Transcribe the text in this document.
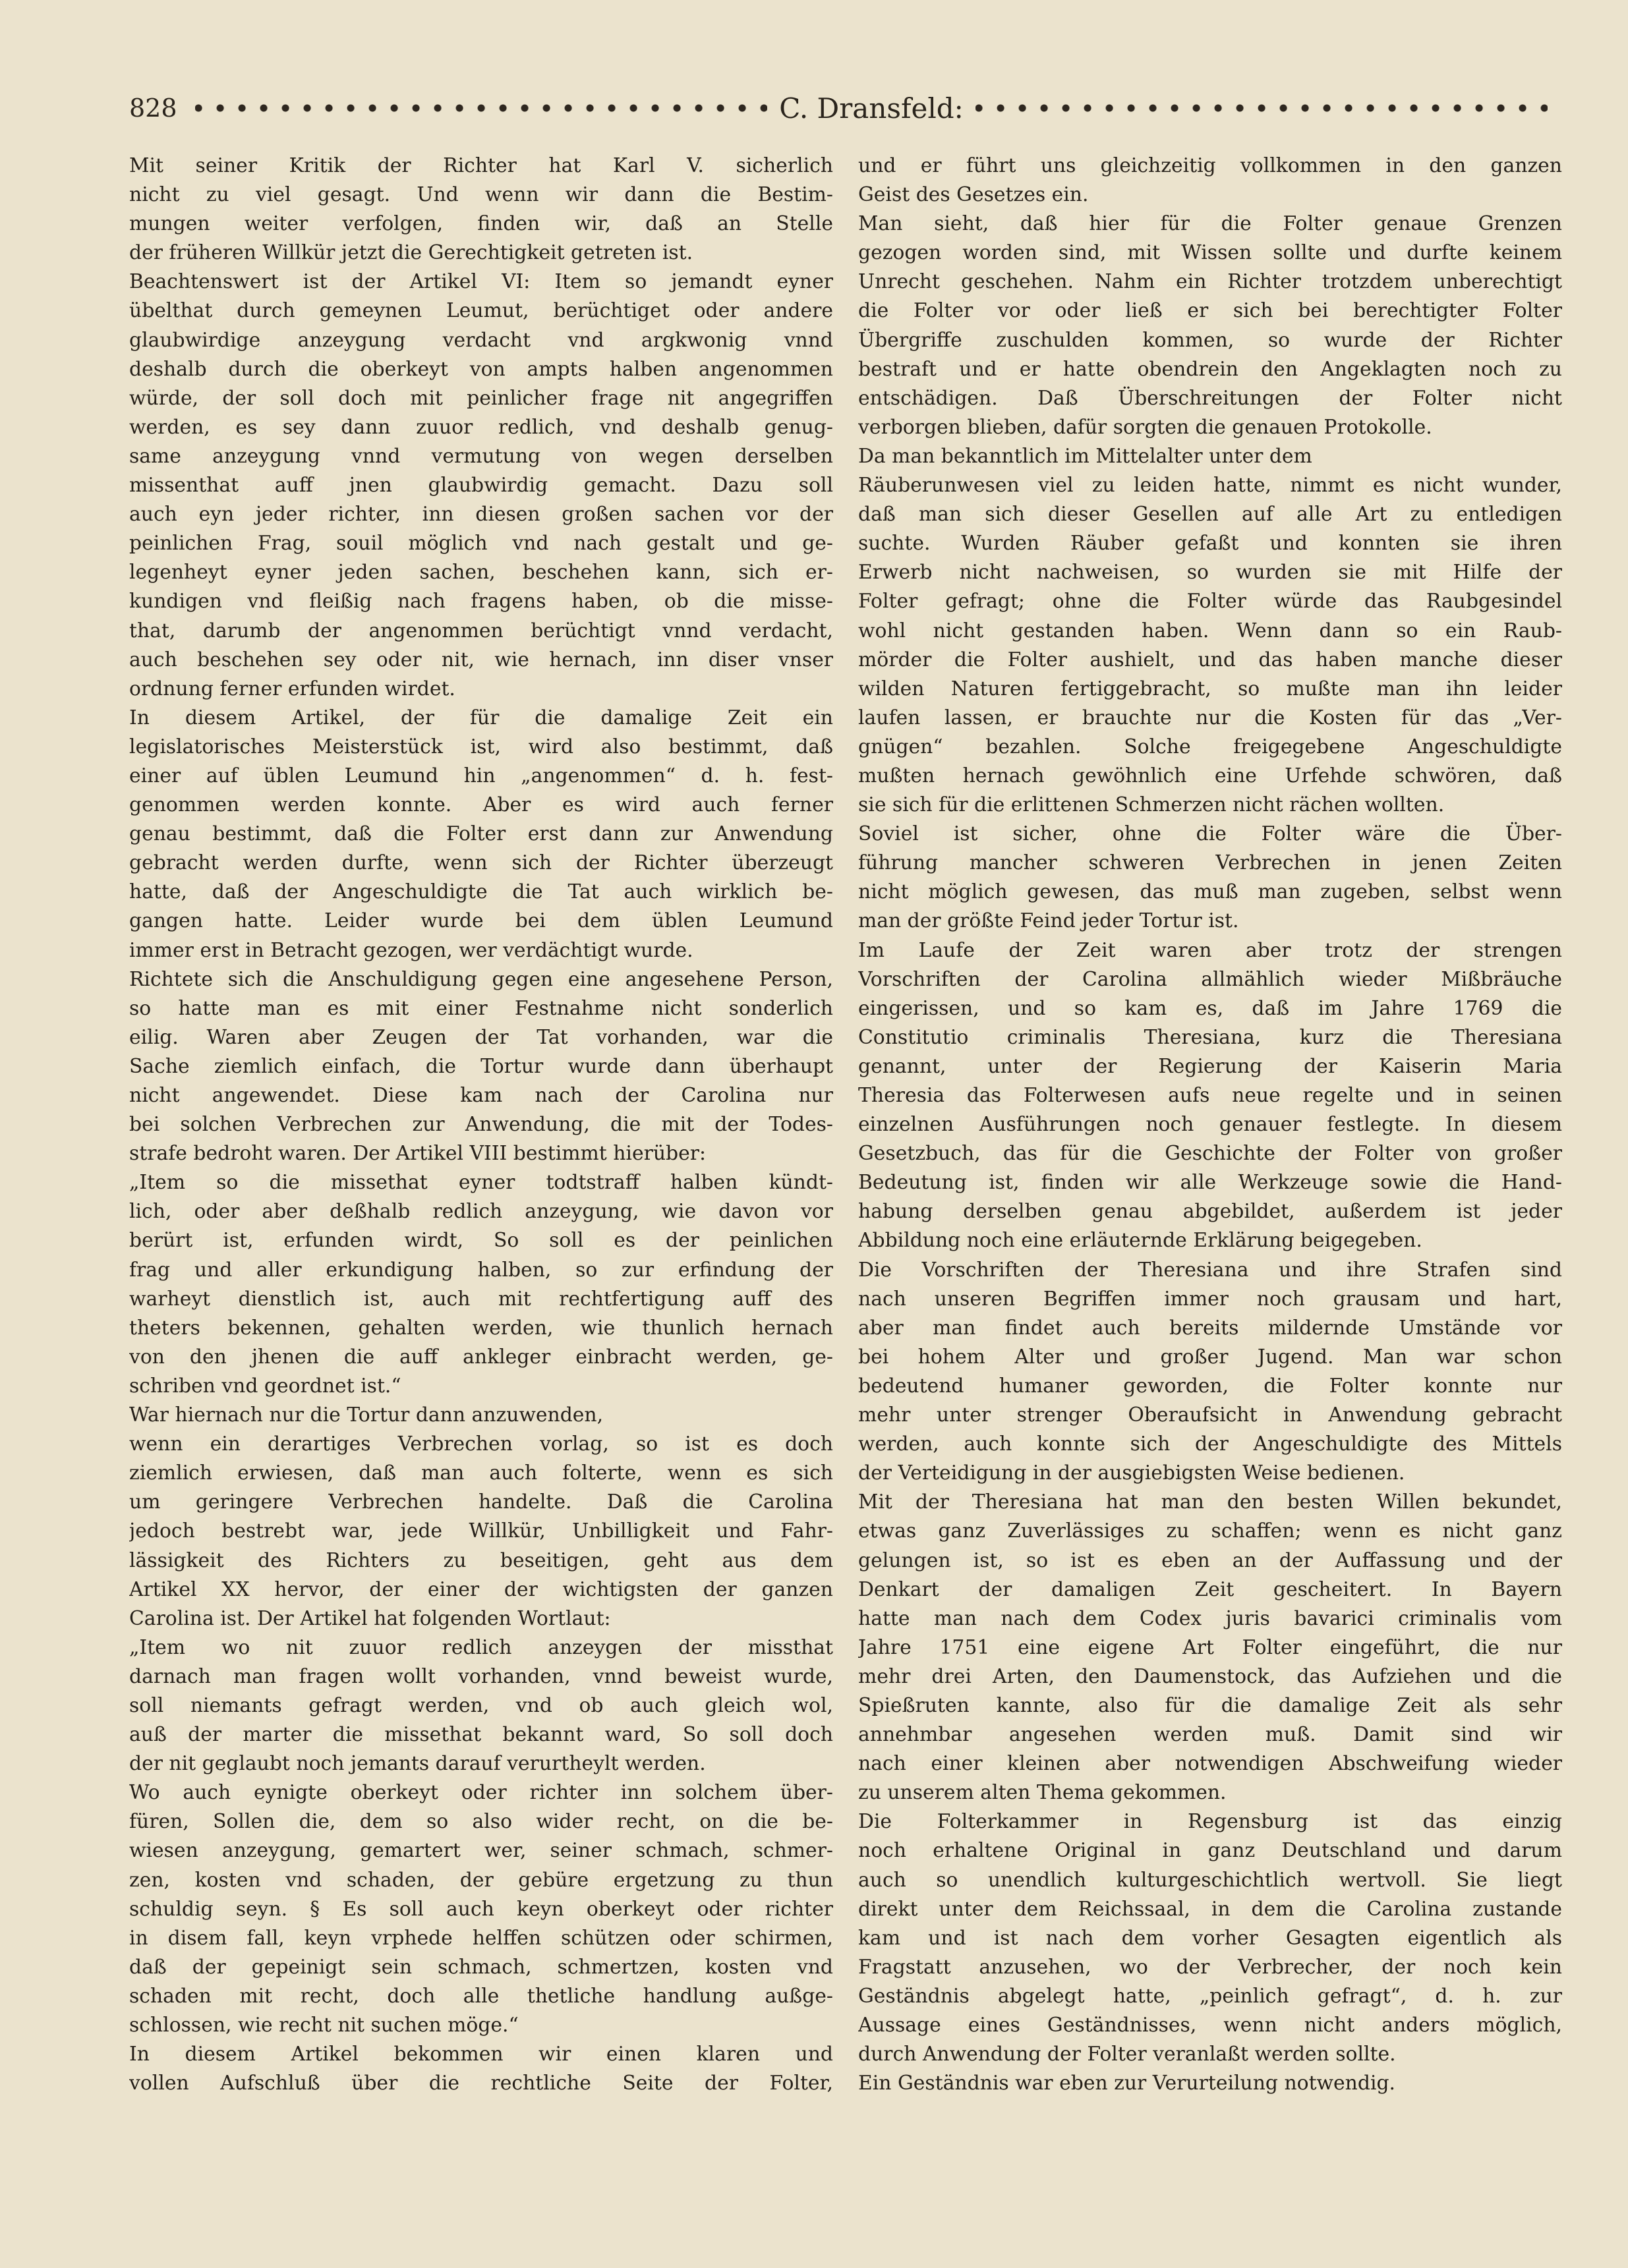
828	C. Dransfeld:

Mit seiner Kritik der Richter hat Karl V. sicherlich

nicht zu viel gesagt. Und wenn wir dann die Bestim-

mungen weiter verfolgen, finden wir, daß an Stelle

der früheren Willkür jetzt die Gerechtigkeit getreten ist.

Beachtenswert ist der Artikel VI: Item so jemandt eyner

übelthat durch gemeynen Leumut, berüchtiget oder andere

glaubwirdige anzeygung verdacht vnd argkwonig vnnd

deshalb durch die oberkeyt von ampts halben angenommen

würde, der soll doch mit peinlicher frage nit angegriffen

werden, es sey dann zuuor redlich, vnd deshalb genug-

same anzeygung vnnd vermutung von wegen derselben

missenthat auff jnen glaubwirdig gemacht. Dazu soll

auch eyn jeder richter, inn diesen großen sachen vor der

peinlichen Frag, souil möglich vnd nach gestalt und ge-

legenheyt eyner jeden sachen, beschehen kann, sich er-

kundigen vnd fleißig nach fragens haben, ob die misse-

that, darumb der angenommen berüchtigt vnnd verdacht,

auch beschehen sey oder nit, wie hernach, inn diser vnser

ordnung ferner erfunden wirdet.

In diesem Artikel, der für die damalige Zeit ein

legislatorisches Meisterstück ist, wird also bestimmt, daß

einer auf üblen Leumund hin „angenommen“ d. h. fest-

genommen werden konnte. Aber es wird auch ferner

genau bestimmt, daß die Folter erst dann zur Anwendung

gebracht werden durfte, wenn sich der Richter überzeugt

hatte, daß der Angeschuldigte die Tat auch wirklich be-

gangen hatte. Leider wurde bei dem üblen Leumund

immer erst in Betracht gezogen, wer verdächtigt wurde.

Richtete sich die Anschuldigung gegen eine angesehene Person,

so hatte man es mit einer Festnahme nicht sonderlich

eilig. Waren aber Zeugen der Tat vorhanden, war die

Sache ziemlich einfach, die Tortur wurde dann überhaupt

nicht angewendet. Diese kam nach der Carolina nur

bei solchen Verbrechen zur Anwendung, die mit der Todes-

strafe bedroht waren. Der Artikel VIII bestimmt hierüber:

„Item so die missethat eyner todtstraff halben kündt-

lich, oder aber deßhalb redlich anzeygung, wie davon vor

berürt ist, erfunden wirdt, So soll es der peinlichen

frag und aller erkundigung halben, so zur erfindung der

warheyt dienstlich ist, auch mit rechtfertigung auff des

theters bekennen, gehalten werden, wie thunlich hernach

von den jhenen die auff ankleger einbracht werden, ge-

schriben vnd geordnet ist.“

War hiernach nur die Tortur dann anzuwenden,

wenn ein derartiges Verbrechen vorlag, so ist es doch

ziemlich erwiesen, daß man auch folterte, wenn es sich

um geringere Verbrechen handelte. Daß die Carolina

jedoch bestrebt war, jede Willkür, Unbilligkeit und Fahr-

lässigkeit des Richters zu beseitigen, geht aus dem

Artikel XX hervor, der einer der wichtigsten der ganzen

Carolina ist. Der Artikel hat folgenden Wortlaut:

„Item wo nit zuuor redlich anzeygen der missthat

darnach man fragen wollt vorhanden, vnnd beweist wurde,

soll niemants gefragt werden, vnd ob auch gleich wol,

auß der marter die missethat bekannt ward, So soll doch

der nit geglaubt noch jemants darauf verurtheylt werden.

Wo auch eynigte oberkeyt oder richter inn solchem über-

füren, Sollen die, dem so also wider recht, on die be-

wiesen anzeygung, gemartert wer, seiner schmach, schmer-

zen, kosten vnd schaden, der gebüre ergetzung zu thun

schuldig seyn. § Es soll auch keyn oberkeyt oder richter

in disem fall, keyn vrphede helffen schützen oder schirmen,

daß der gepeinigt sein schmach, schmertzen, kosten vnd

schaden mit recht, doch alle thetliche handlung außge-

schlossen, wie recht nit suchen möge.“

In diesem Artikel bekommen wir einen klaren und

vollen Aufschluß über die rechtliche Seite der Folter,

und er führt uns gleichzeitig vollkommen in den ganzen

Geist des Gesetzes ein.

Man sieht, daß hier für die Folter genaue Grenzen

gezogen worden sind, mit Wissen sollte und durfte keinem

Unrecht geschehen. Nahm ein Richter trotzdem unberechtigt

die Folter vor oder ließ er sich bei berechtigter Folter

Übergriffe zuschulden kommen, so wurde der Richter

bestraft und er hatte obendrein den Angeklagten noch zu

entschädigen. Daß Überschreitungen der Folter nicht

verborgen blieben, dafür sorgten die genauen Protokolle.

Da man bekanntlich im Mittelalter unter dem

Räuberunwesen viel zu leiden hatte, nimmt es nicht wunder,

daß man sich dieser Gesellen auf alle Art zu entledigen

suchte. Wurden Räuber gefaßt und konnten sie ihren

Erwerb nicht nachweisen, so wurden sie mit Hilfe der

Folter gefragt; ohne die Folter würde das Raubgesindel

wohl nicht gestanden haben. Wenn dann so ein Raub-

mörder die Folter aushielt, und das haben manche dieser

wilden Naturen fertiggebracht, so mußte man ihn leider

laufen lassen, er brauchte nur die Kosten für das „Ver-

gnügen“ bezahlen. Solche freigegebene Angeschuldigte

mußten hernach gewöhnlich eine Urfehde schwören, daß

sie sich für die erlittenen Schmerzen nicht rächen wollten.

Soviel ist sicher, ohne die Folter wäre die Über-

führung mancher schweren Verbrechen in jenen Zeiten

nicht möglich gewesen, das muß man zugeben, selbst wenn

man der größte Feind jeder Tortur ist.

Im Laufe der Zeit waren aber trotz der strengen

Vorschriften der Carolina allmählich wieder Mißbräuche

eingerissen, und so kam es, daß im Jahre 1769 die

Constitutio criminalis Theresiana, kurz die Theresiana

genannt, unter der Regierung der Kaiserin Maria

Theresia das Folterwesen aufs neue regelte und in seinen

einzelnen Ausführungen noch genauer festlegte. In diesem

Gesetzbuch, das für die Geschichte der Folter von großer

Bedeutung ist, finden wir alle Werkzeuge sowie die Hand-

habung derselben genau abgebildet, außerdem ist jeder

Abbildung noch eine erläuternde Erklärung beigegeben.

Die Vorschriften der Theresiana und ihre Strafen sind

nach unseren Begriffen immer noch grausam und hart,

aber man findet auch bereits mildernde Umstände vor

bei hohem Alter und großer Jugend. Man war schon

bedeutend humaner geworden, die Folter konnte nur

mehr unter strenger Oberaufsicht in Anwendung gebracht

werden, auch konnte sich der Angeschuldigte des Mittels

der Verteidigung in der ausgiebigsten Weise bedienen.

Mit der Theresiana hat man den besten Willen bekundet,

etwas ganz Zuverlässiges zu schaffen; wenn es nicht ganz

gelungen ist, so ist es eben an der Auffassung und der

Denkart der damaligen Zeit gescheitert. In Bayern

hatte man nach dem Codex juris bavarici criminalis vom

Jahre 1751 eine eigene Art Folter eingeführt, die nur

mehr drei Arten, den Daumenstock, das Aufziehen und die

Spießruten kannte, also für die damalige Zeit als sehr

annehmbar angesehen werden muß. Damit sind wir

nach einer kleinen aber notwendigen Abschweifung wieder

zu unserem alten Thema gekommen.

Die Folterkammer in Regensburg ist das einzig

noch erhaltene Original in ganz Deutschland und darum

auch so unendlich kulturgeschichtlich wertvoll. Sie liegt

direkt unter dem Reichssaal, in dem die Carolina zustande

kam und ist nach dem vorher Gesagten eigentlich als

Fragstatt anzusehen, wo der Verbrecher, der noch kein

Geständnis abgelegt hatte, „peinlich gefragt“, d. h. zur

Aussage eines Geständnisses, wenn nicht anders möglich,

durch Anwendung der Folter veranlaßt werden sollte.

Ein Geständnis war eben zur Verurteilung notwendig.
